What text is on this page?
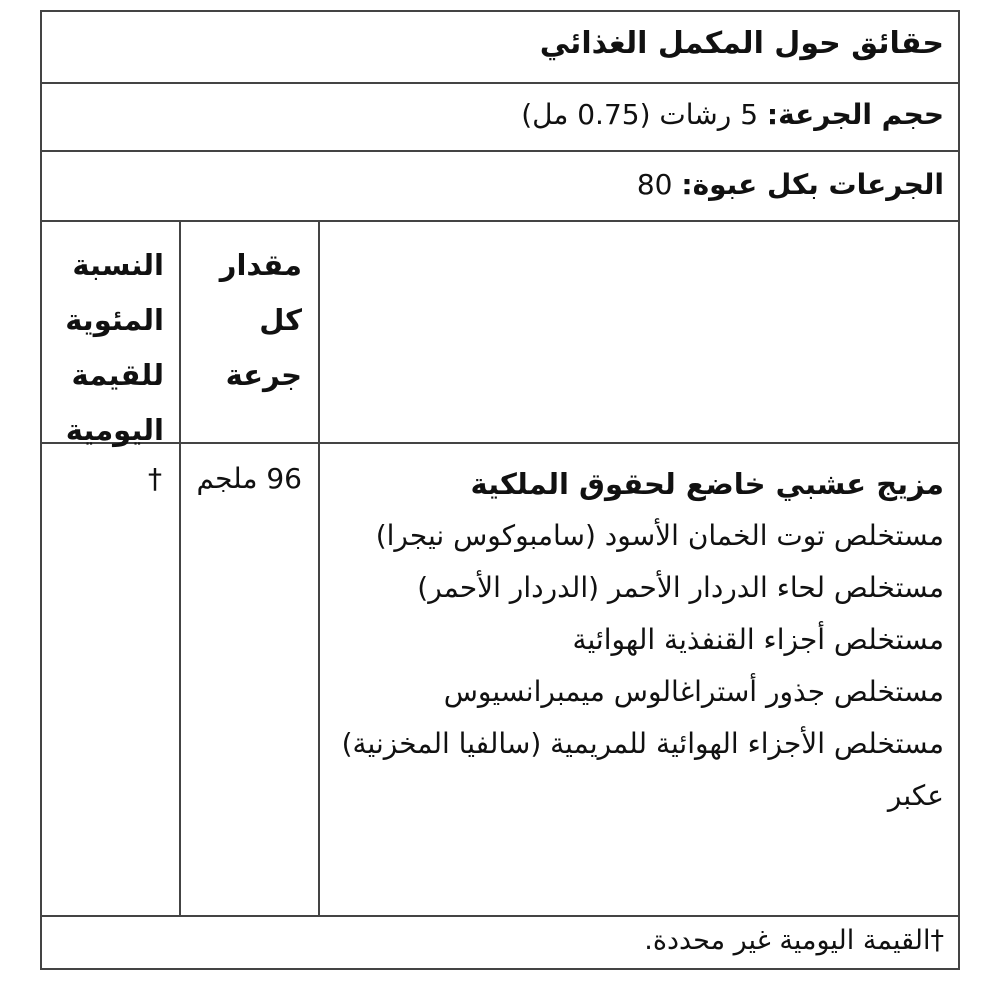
حقائق حول المكمل الغذائي
حجم الجرعة: 5 رشات (0.75 مل)
الجرعات بكل عبوة: 80
مقدار كل جرعة
النسبة المئوية للقيمة اليومية
مزيج عشبي خاضع لحقوق الملكية
مستخلص توت الخمان الأسود (سامبوكوس نيجرا)
مستخلص لحاء الدردار الأحمر (الدردار الأحمر)
مستخلص أجزاء القنفذية الهوائية
مستخلص جذور أستراغالوس ميمبرانسيوس
مستخلص الأجزاء الهوائية للمريمية (سالفيا المخزنية)
عكبر
96 ملجم
†
†القيمة اليومية غير محددة.
